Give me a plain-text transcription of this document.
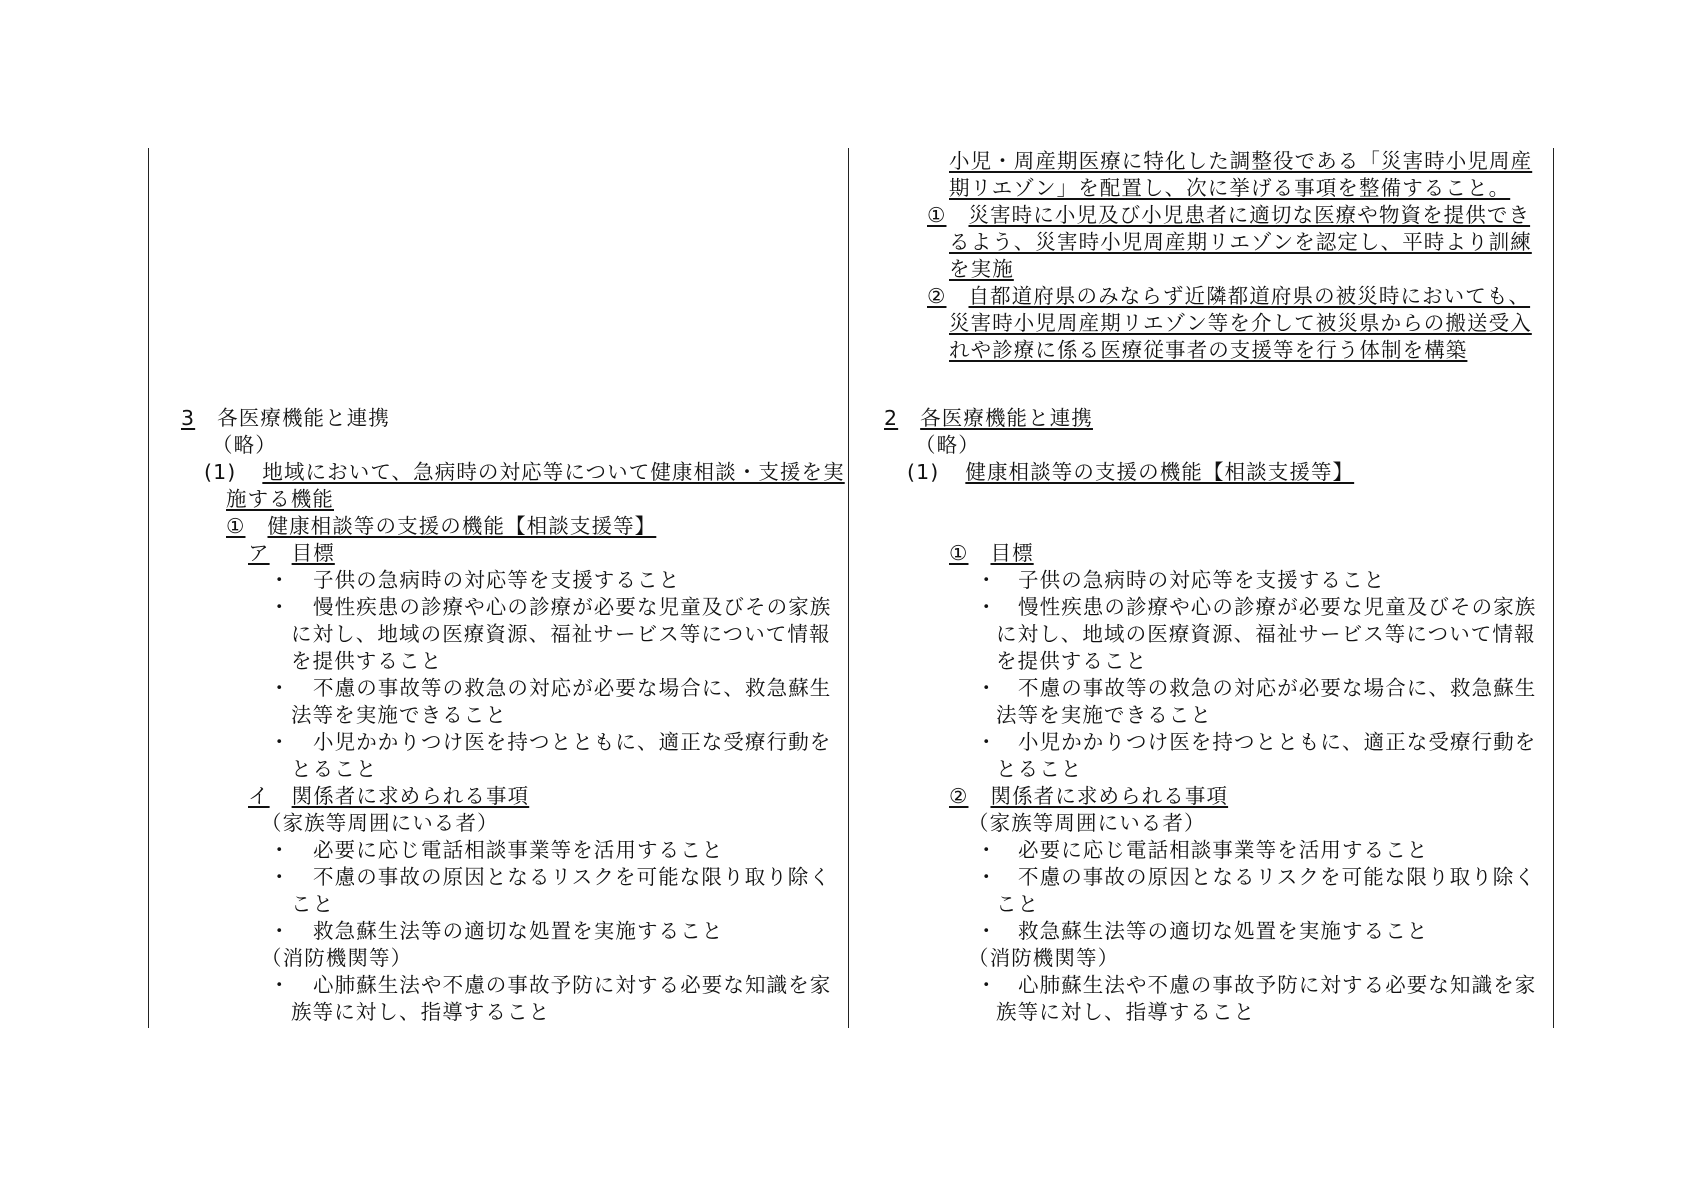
3 各医療機能と連携
（略）
(1) 地域において、急病時の対応等について健康相談・支援を実
施する機能
① 健康相談等の支援の機能【相談支援等】
ア 目標
・ 子供の急病時の対応等を支援すること
・ 慢性疾患の診療や心の診療が必要な児童及びその家族
に対し、地域の医療資源、福祉サービス等について情報
を提供すること
・ 不慮の事故等の救急の対応が必要な場合に、救急蘇生
法等を実施できること
・ 小児かかりつけ医を持つとともに、適正な受療行動を
とること
イ 関係者に求められる事項
（家族等周囲にいる者）
・ 必要に応じ電話相談事業等を活用すること
・ 不慮の事故の原因となるリスクを可能な限り取り除く
こと
・ 救急蘇生法等の適切な処置を実施すること
（消防機関等）
・ 心肺蘇生法や不慮の事故予防に対する必要な知識を家
族等に対し、指導すること
小児・周産期医療に特化した調整役である「災害時小児周産
期リエゾン」を配置し、次に挙げる事項を整備すること。
① 災害時に小児及び小児患者に適切な医療や物資を提供でき
るよう、災害時小児周産期リエゾンを認定し、平時より訓練
を実施
② 自都道府県のみならず近隣都道府県の被災時においても、
災害時小児周産期リエゾン等を介して被災県からの搬送受入
れや診療に係る医療従事者の支援等を行う体制を構築
2 各医療機能と連携
（略）
(1) 健康相談等の支援の機能【相談支援等】
① 目標
・ 子供の急病時の対応等を支援すること
・ 慢性疾患の診療や心の診療が必要な児童及びその家族
に対し、地域の医療資源、福祉サービス等について情報
を提供すること
・ 不慮の事故等の救急の対応が必要な場合に、救急蘇生
法等を実施できること
・ 小児かかりつけ医を持つとともに、適正な受療行動を
とること
② 関係者に求められる事項
（家族等周囲にいる者）
・ 必要に応じ電話相談事業等を活用すること
・ 不慮の事故の原因となるリスクを可能な限り取り除く
こと
・ 救急蘇生法等の適切な処置を実施すること
（消防機関等）
・ 心肺蘇生法や不慮の事故予防に対する必要な知識を家
族等に対し、指導すること
